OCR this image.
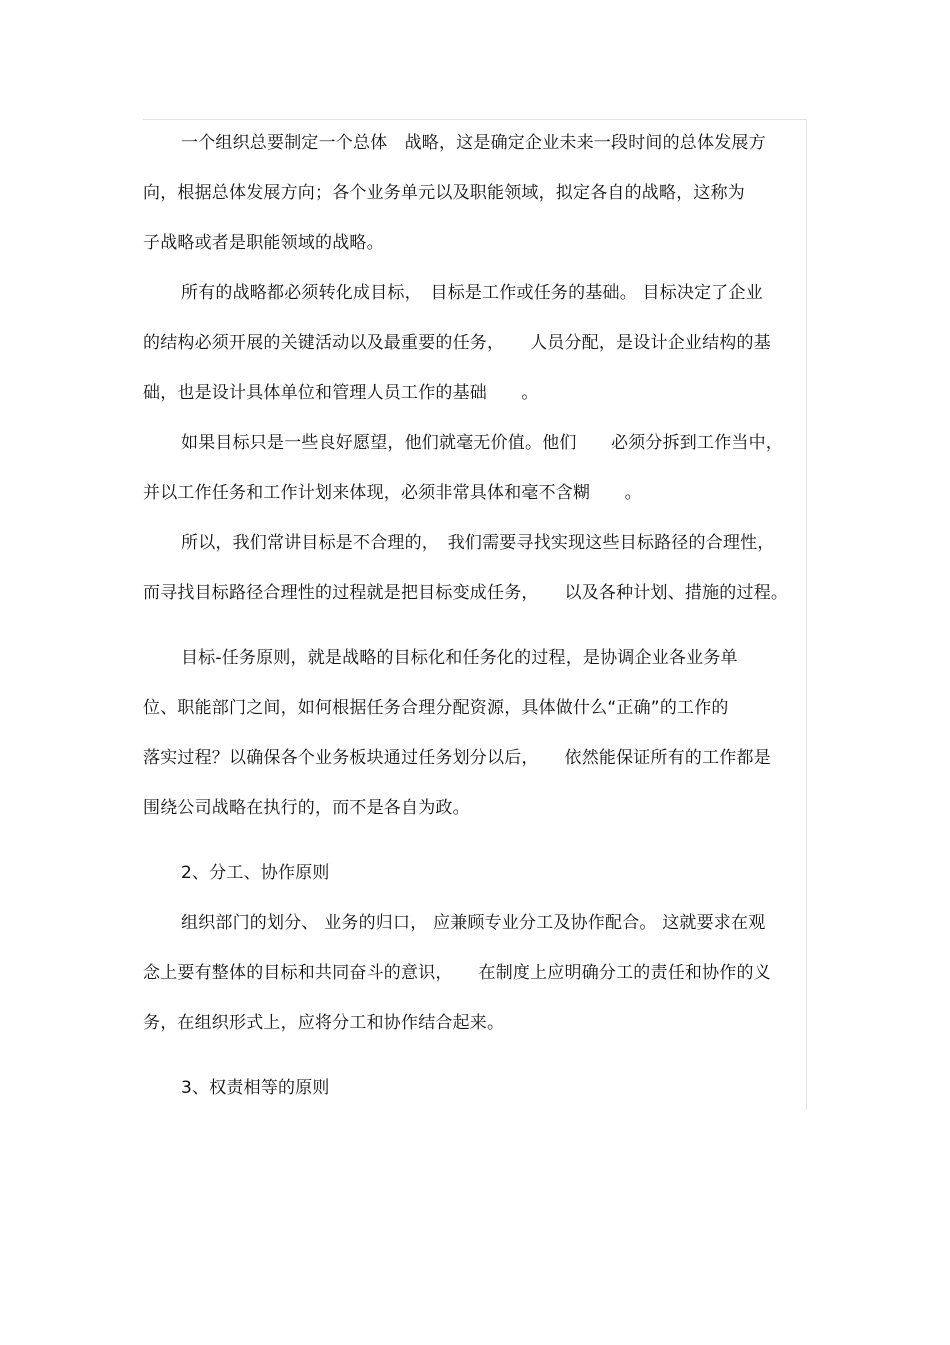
一个组织总要制定一个总体　战略，这是确定企业未来一段时间的总体发展方
向，根据总体发展方向；各个业务单元以及职能领域，拟定各自的战略，这称为
子战略或者是职能领域的战略。
所有的战略都必须转化成目标，　目标是工作或任务的基础。 目标决定了企业
的结构必须开展的关键活动以及最重要的任务，　　人员分配，是设计企业结构的基
础，也是设计具体单位和管理人员工作的基础　　。
如果目标只是一些良好愿望，他们就毫无价值。他们　　必须分拆到工作当中，
并以工作任务和工作计划来体现，必须非常具体和毫不含糊　　。
所以，我们常讲目标是不合理的，　我们需要寻找实现这些目标路径的合理性，
而寻找目标路径合理性的过程就是把目标变成任务，　　以及各种计划、措施的过程。
目标-任务原则，就是战略的目标化和任务化的过程，是协调企业各业务单
位、职能部门之间，如何根据任务合理分配资源，具体做什么“正确”的工作的
落实过程？以确保各个业务板块通过任务划分以后，　　依然能保证所有的工作都是
围绕公司战略在执行的，而不是各自为政。
2、分工、协作原则
组织部门的划分、 业务的归口， 应兼顾专业分工及协作配合。 这就要求在观
念上要有整体的目标和共同奋斗的意识，　　在制度上应明确分工的责任和协作的义
务，在组织形式上，应将分工和协作结合起来。
3、权责相等的原则
